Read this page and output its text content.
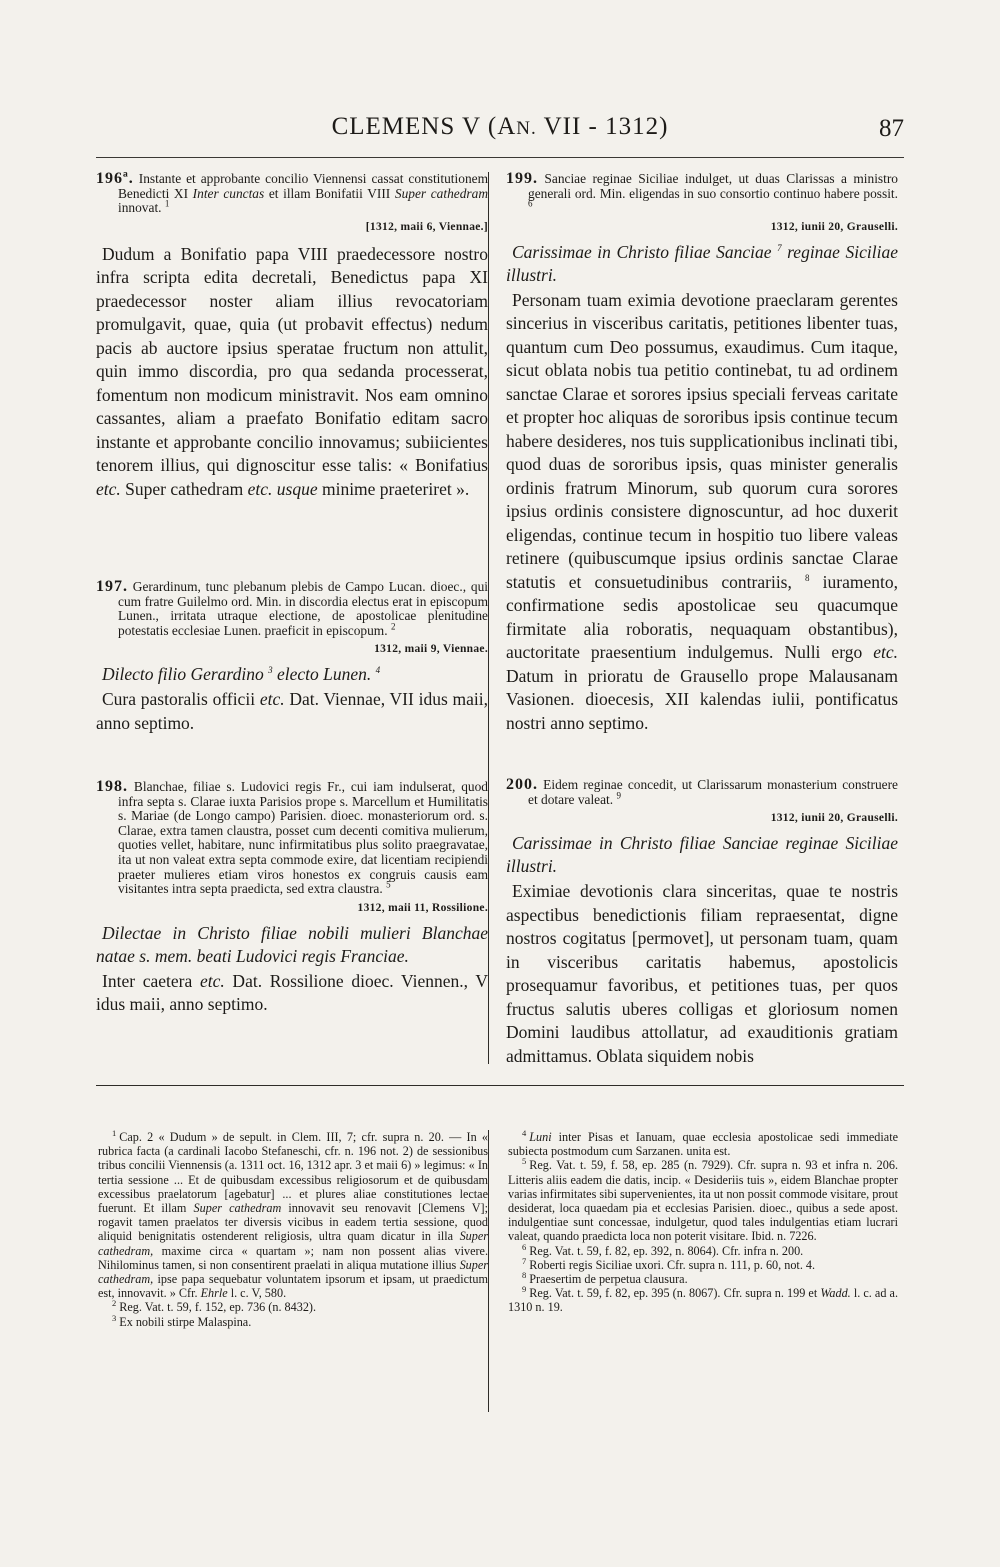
CLEMENS V (AN. VII - 1312)	87

196ª. Instante et approbante concilio Viennensi cassat constitutionem Benedicti XI Inter cunctas et illam Bonifatii VIII Super cathedram innovat. $^1$

[1312, maii 6, Viennae.]

Dudum a Bonifatio papa VIII praedecessore nostro infra scripta edita decretali, Benedictus papa XI praedecessor noster aliam illius revocatoriam promulgavit, quae, quia (ut probavit effectus) nedum pacis ab auctore ipsius speratae fructum non attulit, quin immo discordia, pro qua sedanda processerat, fomentum non modicum ministravit. Nos eam omnino cassantes, aliam a praefato Bonifatio editam sacro instante et approbante concilio innovamus; subiicientes tenorem illius, qui dignoscitur esse talis: « Bonifatius etc. Super cathedram etc. usque minime praeteriret ».

197. Gerardinum, tunc plebanum plebis de Campo Lucan. dioec., qui cum fratre Guilelmo ord. Min. in discordia electus erat in episcopum Lunen., irritata utraque electione, de apostolicae plenitudine potestatis ecclesiae Lunen. praeficit in episcopum. $^2$

1312, maii 9, Viennae.

Dilecto filio Gerardino $^3$ electo Lunen. $^4$

Cura pastoralis officii etc. Dat. Viennae, VII idus maii, anno septimo.

198. Blanchae, filiae s. Ludovici regis Fr., cui iam indulserat, quod infra septa s. Clarae iuxta Parisios prope s. Marcellum et Humilitatis s. Mariae (de Longo campo) Parisien. dioec. monasteriorum ord. s. Clarae, extra tamen claustra, posset cum decenti comitiva mulierum, quoties vellet, habitare, nunc infirmitatibus plus solito praegravatae, ita ut non valeat extra septa commode exire, dat licentiam recipiendi praeter mulieres etiam viros honestos ex congruis causis eam visitantes intra septa praedicta, sed extra claustra. $^5$

1312, maii 11, Rossilione.

Dilectae in Christo filiae nobili mulieri Blanchae natae s. mem. beati Ludovici regis Franciae.

Inter caetera etc. Dat. Rossilione dioec. Viennen., V idus maii, anno septimo.

199. Sanciae reginae Siciliae indulget, ut duas Clarissas a ministro generali ord. Min. eligendas in suo consortio continuo habere possit. $^6$

1312, iunii 20, Grauselli.

Carissimae in Christo filiae Sanciae $^7$ reginae Siciliae illustri.

Personam tuam eximia devotione praeclaram gerentes sincerius in visceribus caritatis, petitiones libenter tuas, quantum cum Deo possumus, exaudimus. Cum itaque, sicut oblata nobis tua petitio continebat, tu ad ordinem sanctae Clarae et sorores ipsius speciali ferveas caritate et propter hoc aliquas de sororibus ipsis continue tecum habere desideres, nos tuis supplicationibus inclinati tibi, quod duas de sororibus ipsis, quas minister generalis ordinis fratrum Minorum, sub quorum cura sorores ipsius ordinis consistere dignoscuntur, ad hoc duxerit eligendas, continue tecum in hospitio tuo libere valeas retinere (quibuscumque ipsius ordinis sanctae Clarae statutis et consuetudinibus contrariis, $^8$ iuramento, confirmatione sedis apostolicae seu quacumque firmitate alia roboratis, nequaquam obstantibus), auctoritate praesentium indulgemus. Nulli ergo etc. Datum in prioratu de Grausello prope Malausanam Vasionen. dioecesis, XII kalendas iulii, pontificatus nostri anno septimo.

200. Eidem reginae concedit, ut Clarissarum monasterium construere et dotare valeat. $^9$

1312, iunii 20, Grauselli.

Carissimae in Christo filiae Sanciae reginae Siciliae illustri.

Eximiae devotionis clara sinceritas, quae te nostris aspectibus benedictionis filiam repraesentat, digne nostros cogitatus [permovet], ut personam tuam, quam in visceribus caritatis habemus, apostolicis prosequamur favoribus, et petitiones tuas, per quos fructus salutis uberes colligas et gloriosum nomen Domini laudibus attollatur, ad exauditionis gratiam admittamus. Oblata siquidem nobis

$^1$ Cap. 2 « Dudum » de sepult. in Clem. III, 7; cfr. supra n. 20. — In « rubrica facta (a cardinali Iacobo Stefaneschi, cfr. n. 196 not. 2) de sessionibus tribus concilii Viennensis (a. 1311 oct. 16, 1312 apr. 3 et maii 6) » legimus: « In tertia sessione ... Et de quibusdam excessibus religiosorum et de quibusdam excessibus praelatorum [agebatur] ... et plures aliae constitutiones lectae fuerunt. Et illam Super cathedram innovavit seu renovavit [Clemens V]; rogavit tamen praelatos ter diversis vicibus in eadem tertia sessione, quod aliquid benignitatis ostenderent religiosis, ultra quam dicatur in illa Super cathedram, maxime circa « quartam »; nam non possent alias vivere. Nihilominus tamen, si non consentirent praelati in aliqua mutatione illius Super cathedram, ipse papa sequebatur voluntatem ipsorum et ipsam, ut praedictum est, innovavit. » Cfr. Ehrle l. c. V, 580.

$^2$ Reg. Vat. t. 59, f. 152, ep. 736 (n. 8432).

$^3$ Ex nobili stirpe Malaspina.

$^4$ Luni inter Pisas et Ianuam, quae ecclesia apostolicae sedi immediate subiecta postmodum cum Sarzanen. unita est.

$^5$ Reg. Vat. t. 59, f. 58, ep. 285 (n. 7929). Cfr. supra n. 93 et infra n. 206. Litteris aliis eadem die datis, incip. « Desideriis tuis », eidem Blanchae propter varias infirmitates sibi supervenientes, ita ut non possit commode visitare, prout desiderat, loca quaedam pia et ecclesias Parisien. dioec., quibus a sede apost. indulgentiae sunt concessae, indulgetur, quod tales indulgentias etiam lucrari valeat, quando praedicta loca non poterit visitare. Ibid. n. 7226.

$^6$ Reg. Vat. t. 59, f. 82, ep. 392, n. 8064). Cfr. infra n. 200.

$^7$ Roberti regis Siciliae uxori. Cfr. supra n. 111, p. 60, not. 4.

$^8$ Praesertim de perpetua clausura.

$^9$ Reg. Vat. t. 59, f. 82, ep. 395 (n. 8067). Cfr. supra n. 199 et Wadd. l. c. ad a. 1310 n. 19.
